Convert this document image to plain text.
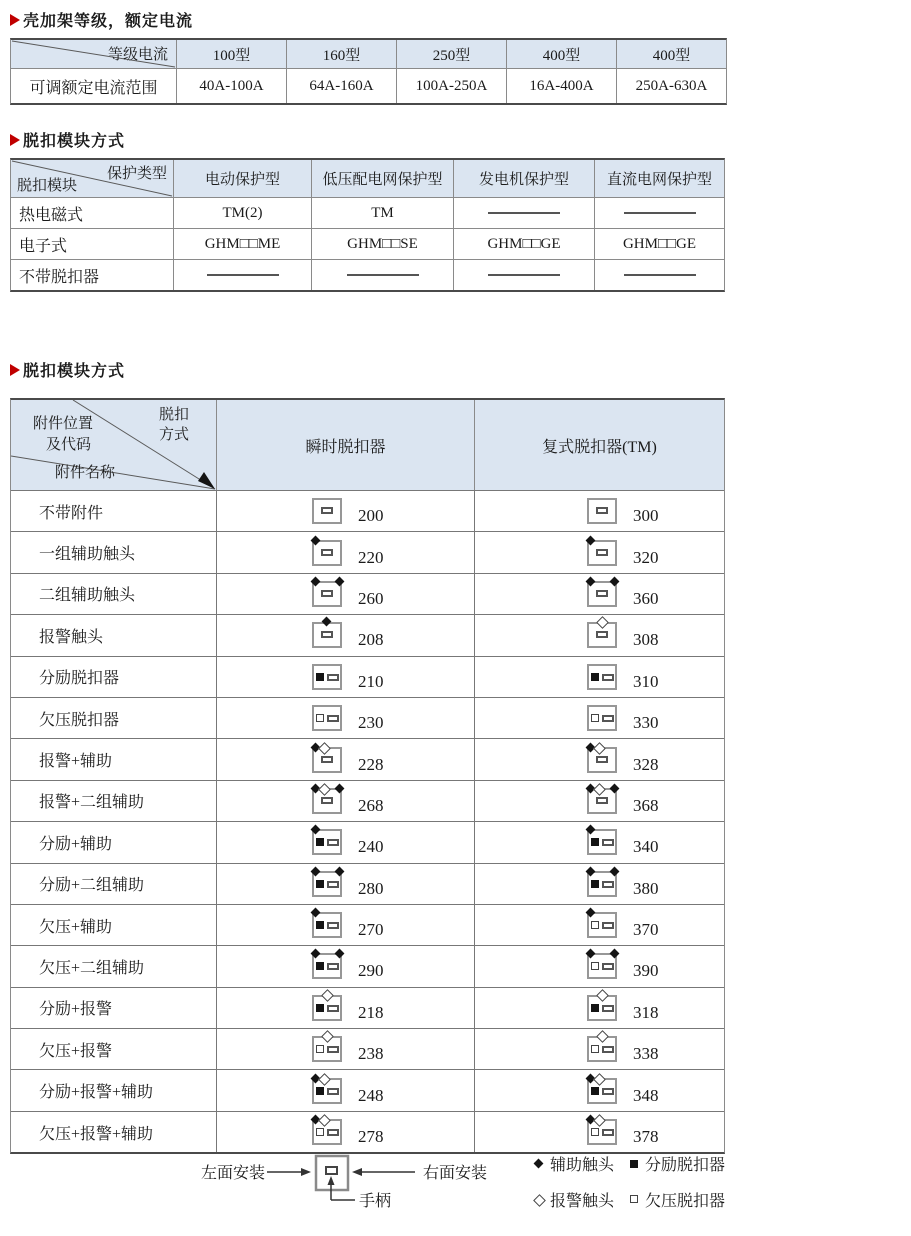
壳加架等级，额定电流
等级电流	100型	160型	250型	400型	400型
可调额定电流范围	40A-100A	64A-160A	100A-250A	16A-400A	250A-630A
脱扣模块方式
保护类型
脱扣模块	电动保护型	低压配电网保护型	发电机保护型	直流电网保护型
热电磁式	TM(2)	TM
电子式	GHM□□ME	GHM□□SE	GHM□□GE	GHM□□GE
不带脱扣器
脱扣模块方式
附件位置
及代码
脱扣
方式
附件名称
瞬时脱扣器	复式脱扣器(TM)
不带附件	200	300
一组辅助触头	220	320
二组辅助触头	260	360
报警触头	208	308
分励脱扣器	210	310
欠压脱扣器	230	330
报警+辅助	228	328
报警+二组辅助	268	368
分励+辅助	240	340
分励+二组辅助	280	380
欠压+辅助	270	370
欠压+二组辅助	290	390
分励+报警	218	318
欠压+报警	238	338
分励+报警+辅助	248	348
欠压+报警+辅助	278	378
左面安装	右面安装
手柄
辅助触头 分励脱扣器
报警触头 欠压脱扣器
